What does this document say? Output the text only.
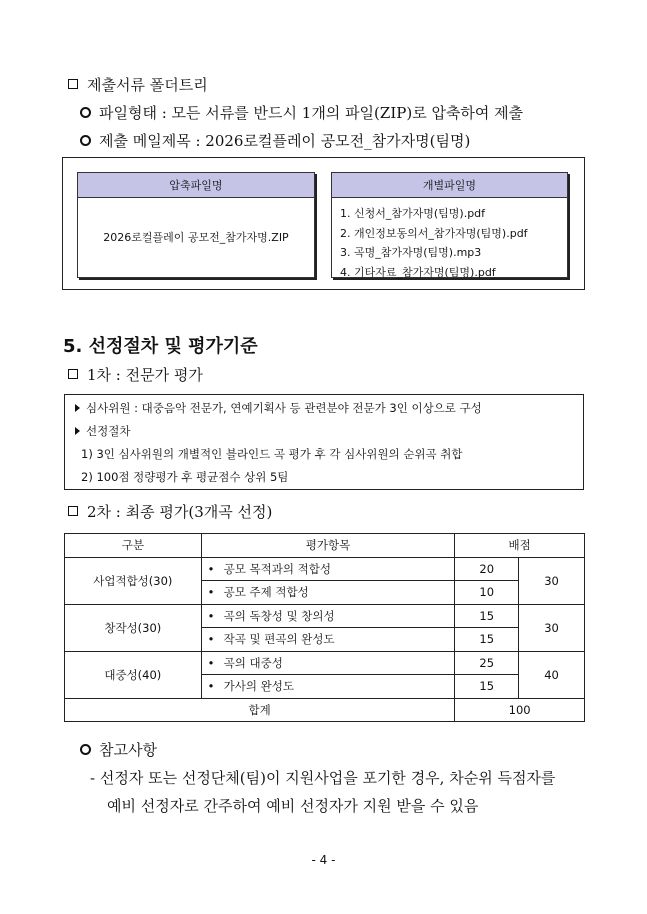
제출서류 폴더트리
파일형태 : 모든 서류를 반드시 1개의 파일(ZIP)로 압축하여 제출
제출 메일제목 : 2026로컬플레이 공모전_참가자명(팀명)
압축파일명
2026로컬플레이 공모전_참가자명.ZIP
개별파일명
1. 신청서_참가자명(팀명).pdf
2. 개인정보동의서_참가자명(팀명).pdf
3. 곡명_참가자명(팀명).mp3
4. 기타자료_참가자명(팀명).pdf
5. 선정절차 및 평가기준
1차 : 전문가 평가
심사위원 : 대중음악 전문가, 연예기획사 등 관련분야 전문가 3인 이상으로 구성
선정절차
1) 3인 심사위원의 개별적인 블라인드 곡 평가 후 각 심사위원의 순위곡 취합
2) 100점 정량평가 후 평균점수 상위 5팀
2차 : 최종 평가(3개곡 선정)
구분	평가항목	배점	
사업적합성(30)	• 공모 목적과의 적합성	20	30
	• 공모 주제 적합성	10	
창작성(30)	• 곡의 독창성 및 창의성	15	30
	• 작곡 및 편곡의 완성도	15	
대중성(40)	• 곡의 대중성	25	40
	• 가사의 완성도	15	
합계		100	
참고사항
- 선정자 또는 선정단체(팀)이 지원사업을 포기한 경우, 차순위 득점자를
예비 선정자로 간주하여 예비 선정자가 지원 받을 수 있음
- 4 -
